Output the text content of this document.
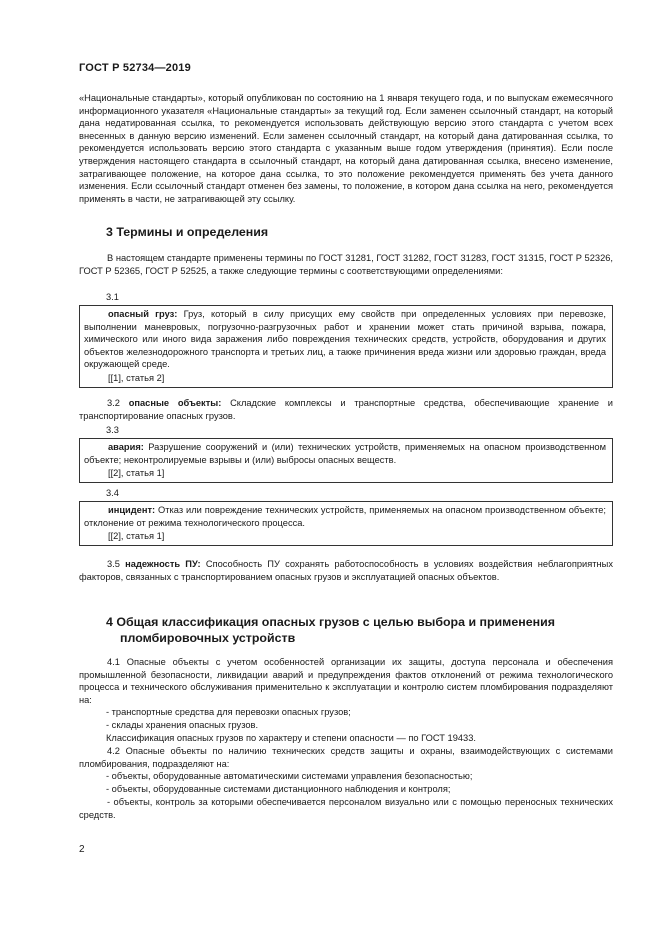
ГОСТ Р 52734—2019

«Национальные стандарты», который опубликован по состоянию на 1 января текущего года, и по выпускам ежемесячного информационного указателя «Национальные стандарты» за текущий год. Если заменен ссылочный стандарт, на который дана недатированная ссылка, то рекомендуется использовать действующую версию этого стандарта с учетом всех внесенных в данную версию изменений. Если заменен ссылочный стандарт, на который дана датированная ссылка, то рекомендуется использовать версию этого стандарта с указанным выше годом утверждения (принятия). Если после утверждения настоящего стандарта в ссылочный стандарт, на который дана датированная ссылка, внесено изменение, затрагивающее положение, на которое дана ссылка, то это положение рекомендуется применять без учета данного изменения. Если ссылочный стандарт отменен без замены, то положение, в котором дана ссылка на него, рекомендуется применять в части, не затрагивающей эту ссылку.

3 Термины и определения

В настоящем стандарте применены термины по ГОСТ 31281, ГОСТ 31282, ГОСТ 31283, ГОСТ 31315, ГОСТ Р 52326, ГОСТ Р 52365, ГОСТ Р 52525, а также следующие термины с соответствующими определениями:

3.1

опасный груз: Груз, который в силу присущих ему свойств при определенных условиях при перевозке, выполнении маневровых, погрузочно-разгрузочных работ и хранении может стать причиной взрыва, пожара, химического или иного вида заражения либо повреждения технических средств, устройств, оборудования и других объектов железнодорожного транспорта и третьих лиц, а также причинения вреда жизни или здоровью граждан, вреда окружающей среде.

[[1], статья 2]

3.2 опасные объекты: Складские комплексы и транспортные средства, обеспечивающие хранение и транспортирование опасных грузов.

3.3

авария: Разрушение сооружений и (или) технических устройств, применяемых на опасном производственном объекте; неконтролируемые взрывы и (или) выбросы опасных веществ.

[[2], статья 1]

3.4

инцидент: Отказ или повреждение технических устройств, применяемых на опасном производственном объекте; отклонение от режима технологического процесса.

[[2], статья 1]

3.5 надежность ПУ: Способность ПУ сохранять работоспособность в условиях воздействия неблагоприятных факторов, связанных с транспортированием опасных грузов и эксплуатацией опасных объектов.

4 Общая классификация опасных грузов с целью выбора и применения
пломбировочных устройств

4.1 Опасные объекты с учетом особенностей организации их защиты, доступа персонала и обеспечения промышленной безопасности, ликвидации аварий и предупреждения фактов отклонений от режима технологического процесса и технического обслуживания применительно к эксплуатации и контролю систем пломбирования подразделяют на:

- транспортные средства для перевозки опасных грузов;

- склады хранения опасных грузов.

Классификация опасных грузов по характеру и степени опасности — по ГОСТ 19433.

4.2 Опасные объекты по наличию технических средств защиты и охраны, взаимодействующих с системами пломбирования, подразделяют на:

- объекты, оборудованные автоматическими системами управления безопасностью;

- объекты, оборудованные системами дистанционного наблюдения и контроля;

- объекты, контроль за которыми обеспечивается персоналом визуально или с помощью переносных технических средств.

2
